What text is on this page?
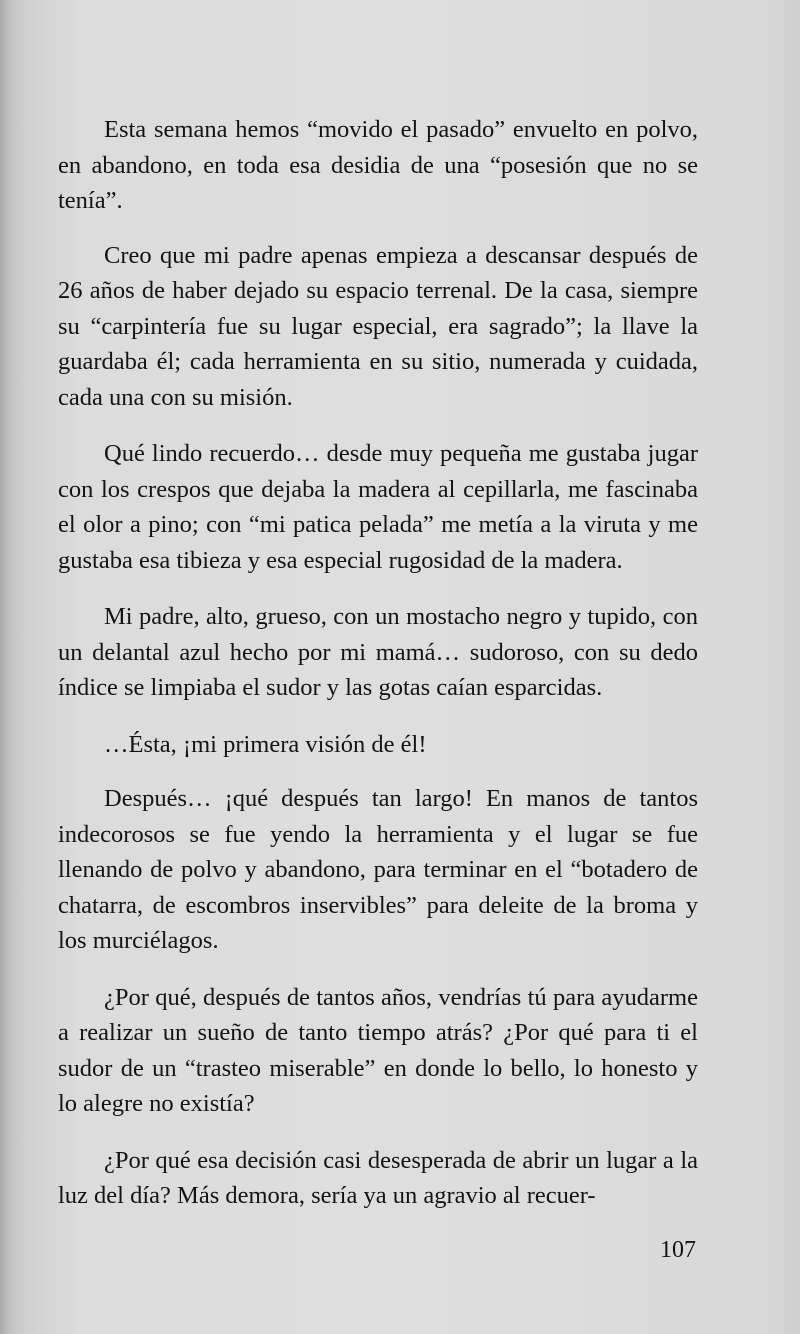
Esta semana hemos “movido el pasado” envuelto en polvo, en abandono, en toda esa desidia de una “posesión que no se tenía”.

Creo que mi padre apenas empieza a descansar después de 26 años de haber dejado su espacio terrenal. De la casa, siempre su “carpintería fue su lugar especial, era sagrado”; la llave la guardaba él; cada herramienta en su sitio, numerada y cuidada, cada una con su misión.

Qué lindo recuerdo… desde muy pequeña me gustaba jugar con los crespos que dejaba la madera al cepillarla, me fascinaba el olor a pino; con “mi patica pelada” me metía a la viruta y me gustaba esa tibieza y esa especial rugosidad de la madera.

Mi padre, alto, grueso, con un mostacho negro y tupido, con un delantal azul hecho por mi mamá… sudoroso, con su dedo índice se limpiaba el sudor y las gotas caían esparcidas.

…Ésta, ¡mi primera visión de él!

Después… ¡qué después tan largo! En manos de tantos indecorosos se fue yendo la herramienta y el lugar se fue llenando de polvo y abandono, para terminar en el “botadero de chatarra, de escombros inservibles” para deleite de la broma y los murciélagos.

¿Por qué, después de tantos años, vendrías tú para ayudarme a realizar un sueño de tanto tiempo atrás? ¿Por qué para ti el sudor de un “trasteo miserable” en donde lo bello, lo honesto y lo alegre no existía?

¿Por qué esa decisión casi desesperada de abrir un lugar a la luz del día? Más demora, sería ya un agravio al recuer-

107
